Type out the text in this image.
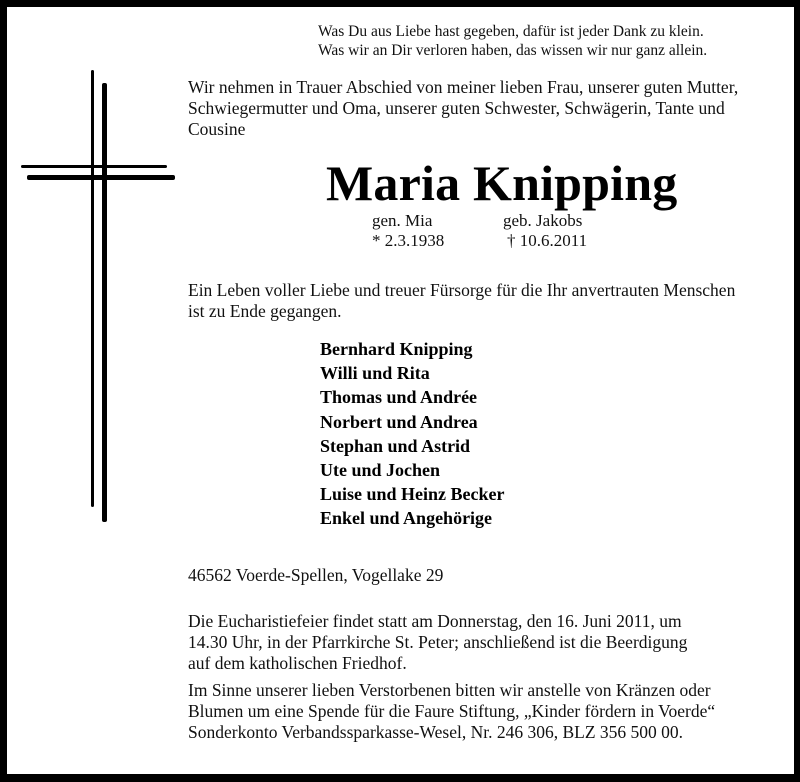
Was Du aus Liebe hast gegeben, dafür ist jeder Dank zu klein.
Was wir an Dir verloren haben, das wissen wir nur ganz allein.
Wir nehmen in Trauer Abschied von meiner lieben Frau, unserer guten Mutter,
Schwiegermutter und Oma, unserer guten Schwester, Schwägerin, Tante und
Cousine
Maria Knipping
gen. Mia	geb. Jakobs
* 2.3.1938	† 10.6.2011
Ein Leben voller Liebe und treuer Fürsorge für die Ihr anvertrauten Menschen
ist zu Ende gegangen.
Bernhard Knipping
Willi und Rita
Thomas und Andrée
Norbert und Andrea
Stephan und Astrid
Ute und Jochen
Luise und Heinz Becker
Enkel und Angehörige
46562 Voerde-Spellen, Vogellake 29
Die Eucharistiefeier findet statt am Donnerstag, den 16. Juni 2011, um
14.30 Uhr, in der Pfarrkirche St. Peter; anschließend ist die Beerdigung
auf dem katholischen Friedhof.
Im Sinne unserer lieben Verstorbenen bitten wir anstelle von Kränzen oder
Blumen um eine Spende für die Faure Stiftung, „Kinder fördern in Voerde“
Sonderkonto Verbandssparkasse-Wesel, Nr. 246 306, BLZ 356 500 00.
